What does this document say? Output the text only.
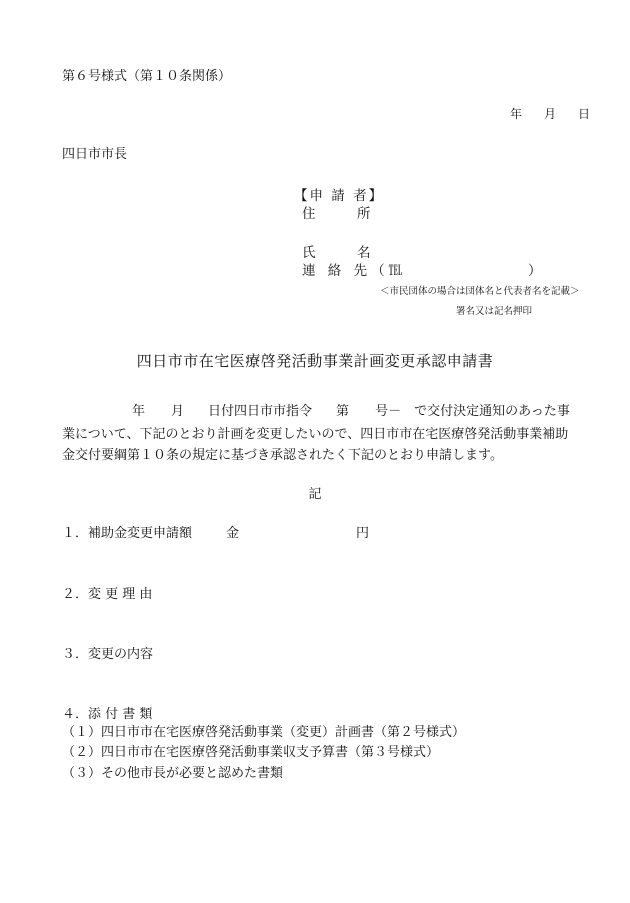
第６号様式（第１０条関係）
年 月 日
四日市市長
【申 請 者】
住　所
氏　名
連 絡 先（℡	）
＜市民団体の場合は団体名と代表者名を記載＞
署名又は記名押印
四日市市在宅医療啓発活動事業計画変更承認申請書
年 月 日付四日市市指令 第 号－　で交付決定通知のあった事
業について、下記のとおり計画を変更したいので、四日市市在宅医療啓発活動事業補助
金交付要綱第１０条の規定に基づき承認されたく下記のとおり申請します。
記
１．補助金変更申請額	金	円
２．変 更 理 由
３．変更の内容
４．添 付 書 類
（１）四日市市在宅医療啓発活動事業（変更）計画書（第２号様式）
（２）四日市市在宅医療啓発活動事業収支予算書（第３号様式）
（３）その他市長が必要と認めた書類
